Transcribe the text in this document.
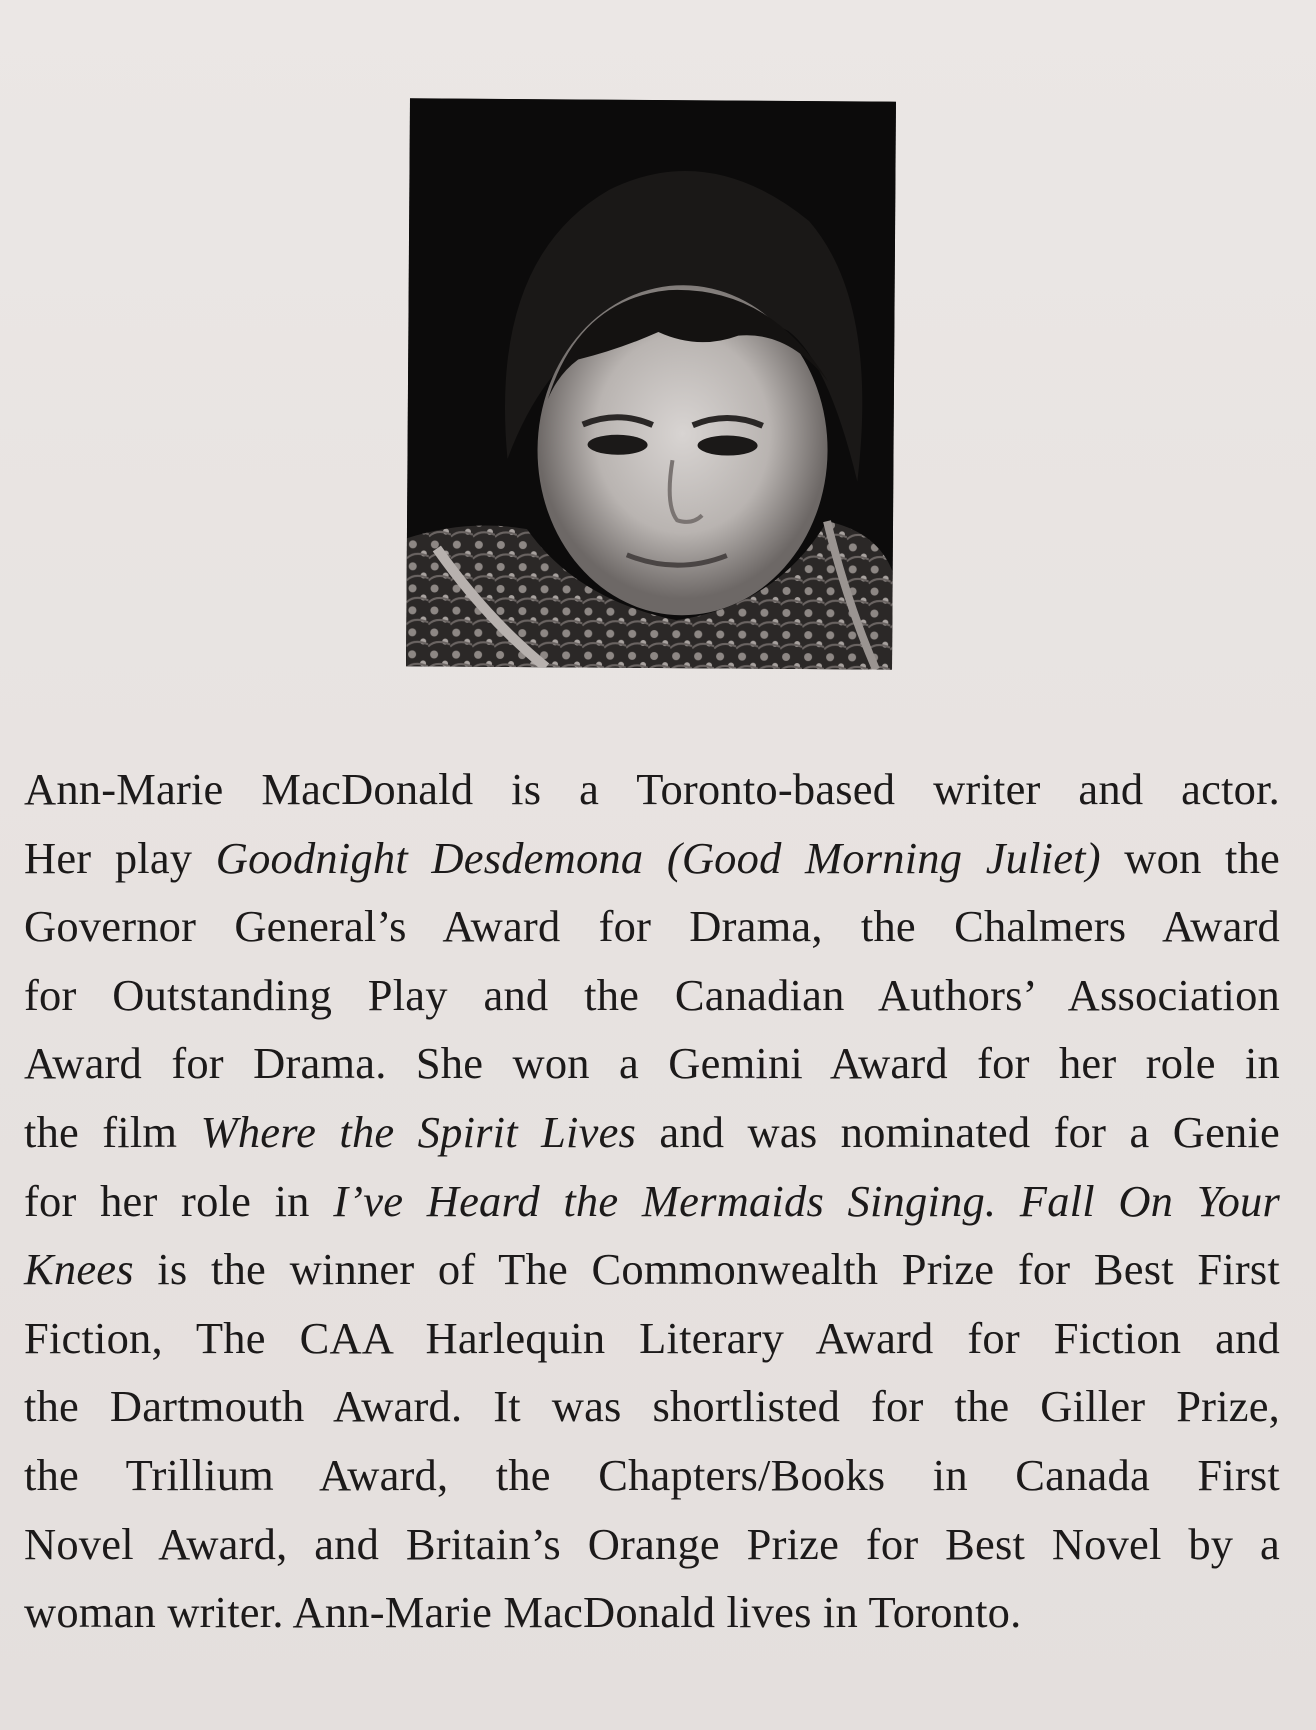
Ann-Marie MacDonald is a Toronto-based writer and actor.
Her play Goodnight Desdemona (Good Morning Juliet) won the
Governor General’s Award for Drama, the Chalmers Award
for Outstanding Play and the Canadian Authors’ Association
Award for Drama. She won a Gemini Award for her role in
the film Where the Spirit Lives and was nominated for a Genie
for her role in I’ve Heard the Mermaids Singing. Fall On Your
Knees is the winner of The Commonwealth Prize for Best First
Fiction, The CAA Harlequin Literary Award for Fiction and
the Dartmouth Award. It was shortlisted for the Giller Prize,
the Trillium Award, the Chapters/Books in Canada First
Novel Award, and Britain’s Orange Prize for Best Novel by a
woman writer. Ann-Marie MacDonald lives in Toronto.
